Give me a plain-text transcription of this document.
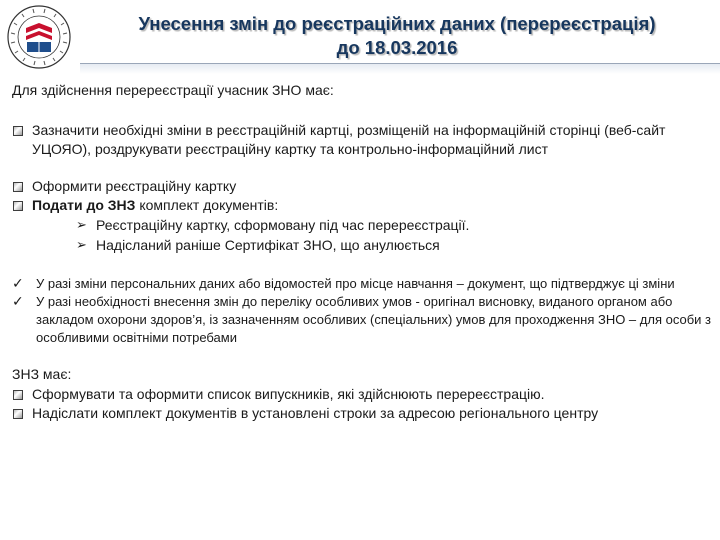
Унесення змін до реєстраційних даних (перереєстрація)
до 18.03.2016

Для здійснення перереєстрації учасник ЗНО має:

Зазначити необхідні зміни в реєстраційній картці, розміщеній на інформаційній сторінці (веб-сайт УЦОЯО), роздрукувати реєстраційну картку та контрольно-інформаційний лист

Оформити реєстраційну картку

Подати до ЗНЗ комплект документів:

➢ Реєстраційну картку, сформовану під час перереєстрації.

➢ Надісланий раніше Сертифікат ЗНО, що анулюється

✓ У разі зміни персональних даних або відомостей про місце навчання – документ, що підтверджує ці зміни

✓ У разі необхідності внесення змін до переліку особливих умов - оригінал висновку, виданого органом або закладом охорони здоров’я, із зазначенням особливих (спеціальних) умов для проходження ЗНО – для особи з особливими освітніми потребами

ЗНЗ має:

Сформувати та оформити список випускників, які здійснюють перереєстрацію.

Надіслати комплект документів в установлені строки за адресою регіонального центру
